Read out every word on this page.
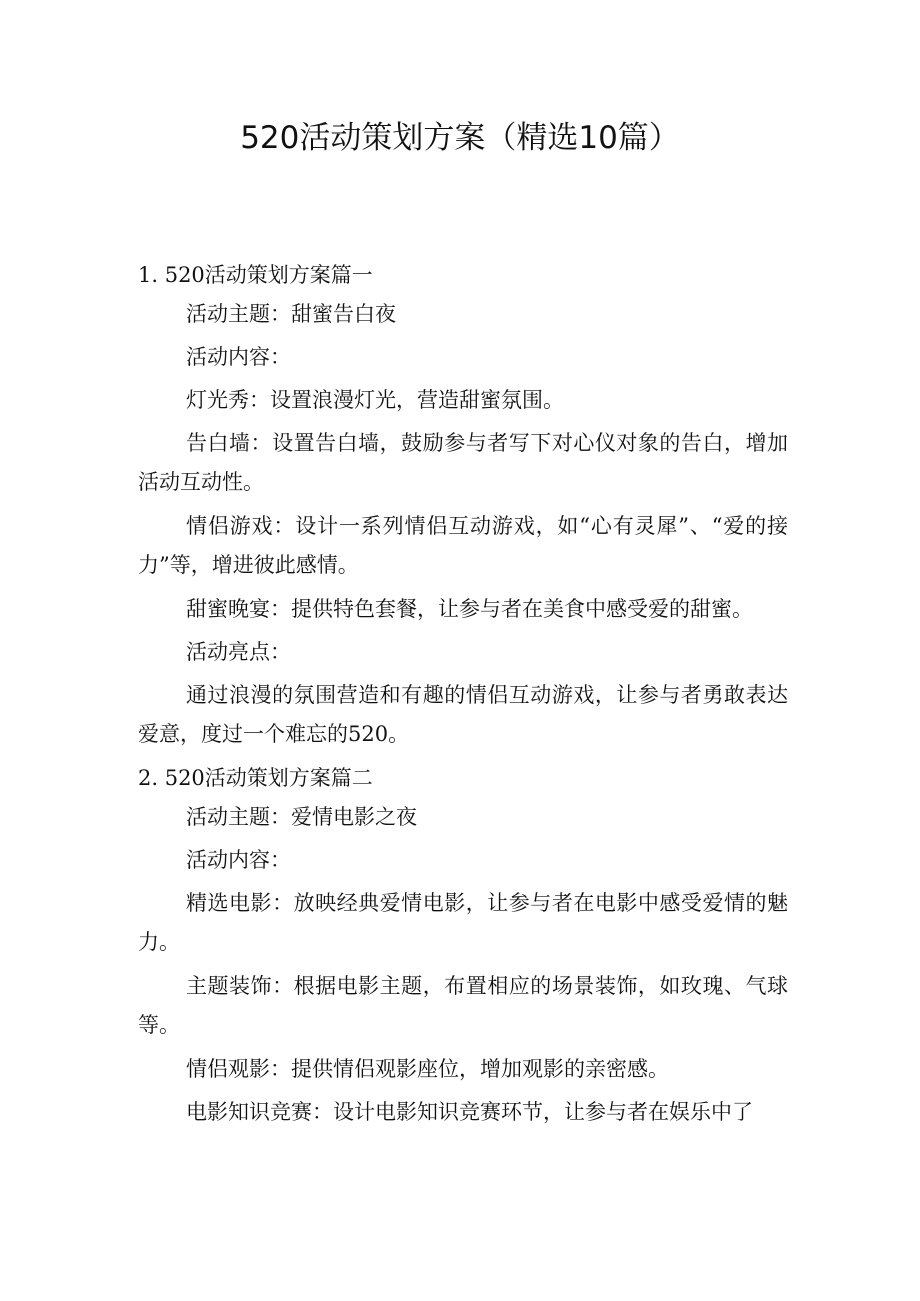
520活动策划方案（精选10篇）

1. 520活动策划方案篇一

活动主题：甜蜜告白夜

活动内容：

灯光秀：设置浪漫灯光，营造甜蜜氛围。

告白墙：设置告白墙，鼓励参与者写下对心仪对象的告白，增加活动互动性。

情侣游戏：设计一系列情侣互动游戏，如“心有灵犀”、“爱的接力”等，增进彼此感情。

甜蜜晚宴：提供特色套餐，让参与者在美食中感受爱的甜蜜。

活动亮点：

通过浪漫的氛围营造和有趣的情侣互动游戏，让参与者勇敢表达爱意，度过一个难忘的520。

2. 520活动策划方案篇二

活动主题：爱情电影之夜

活动内容：

精选电影：放映经典爱情电影，让参与者在电影中感受爱情的魅力。

主题装饰：根据电影主题，布置相应的场景装饰，如玫瑰、气球等。

情侣观影：提供情侣观影座位，增加观影的亲密感。

电影知识竞赛：设计电影知识竞赛环节，让参与者在娱乐中了
